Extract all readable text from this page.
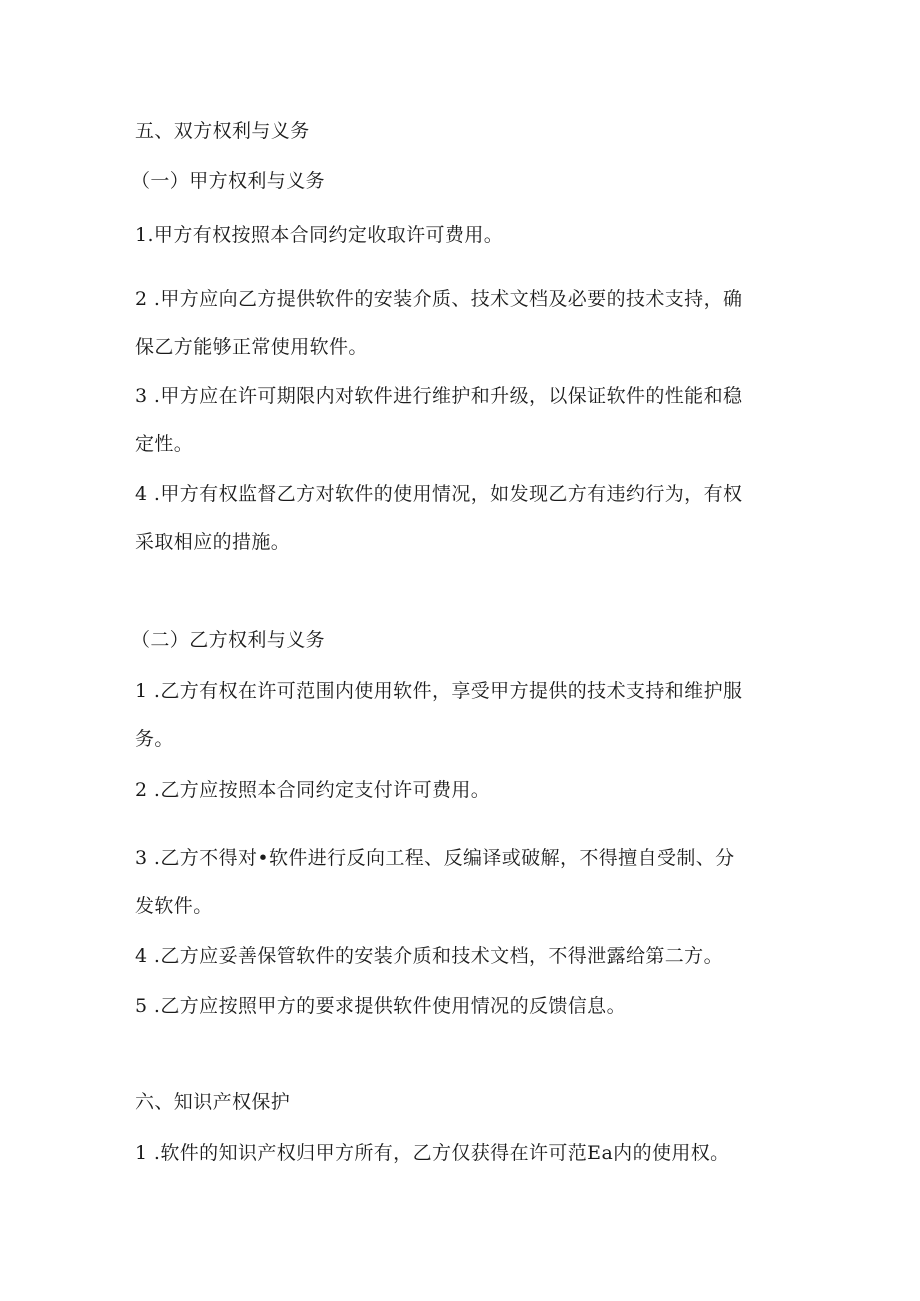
五、双方权利与义务
（一）甲方权利与义务
1.甲方有权按照本合同约定收取许可费用。
2 .甲方应向乙方提供软件的安装介质、技术文档及必要的技术支持，确
保乙方能够正常使用软件。
3 .甲方应在许可期限内对软件进行维护和升级，以保证软件的性能和稳
定性。
4 .甲方有权监督乙方对软件的使用情况，如发现乙方有违约行为，有权
采取相应的措施。
（二）乙方权利与义务
1 .乙方有权在许可范围内使用软件，享受甲方提供的技术支持和维护服
务。
2 .乙方应按照本合同约定支付许可费用。
3 .乙方不得对•软件进行反向工程、反编译或破解，不得擅自受制、分
发软件。
4 .乙方应妥善保管软件的安装介质和技术文档，不得泄露给第二方。
5 .乙方应按照甲方的要求提供软件使用情况的反馈信息。
六、知识产权保护
1 .软件的知识产权归甲方所有，乙方仅获得在许可范Ea内的使用权。
